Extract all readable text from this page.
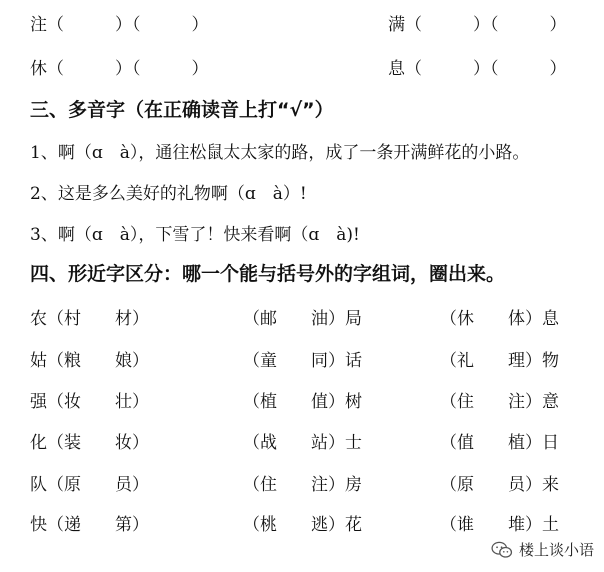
注（　　　）（　　　）	满（　　　）（　　　）
休（　　　）（　　　）	息（　　　）（　　　）
三、多音字（在正确读音上打“√”）
1、啊（ɑ　à），通往松鼠太太家的路，成了一条开满鲜花的小路。
2、这是多么美好的礼物啊（ɑ　à）!
3、啊（ɑ　à），下雪了！快来看啊（ɑ　à)!
四、形近字区分：哪一个能与括号外的字组词，圈出来。
农（村　　材）	（邮　　油）局	（休　　体）息
姑（粮　　娘）	（童　　同）话	（礼　　理）物
强（妆　　壮）	（植　　值）树	（住　　注）意
化（装　　妆）	（战　　站）士	（值　　植）日
队（原　　员）	（住　　注）房	（原　　员）来
快（递　　第）	（桃　　逃）花	（谁　　堆）土
楼上谈小语
